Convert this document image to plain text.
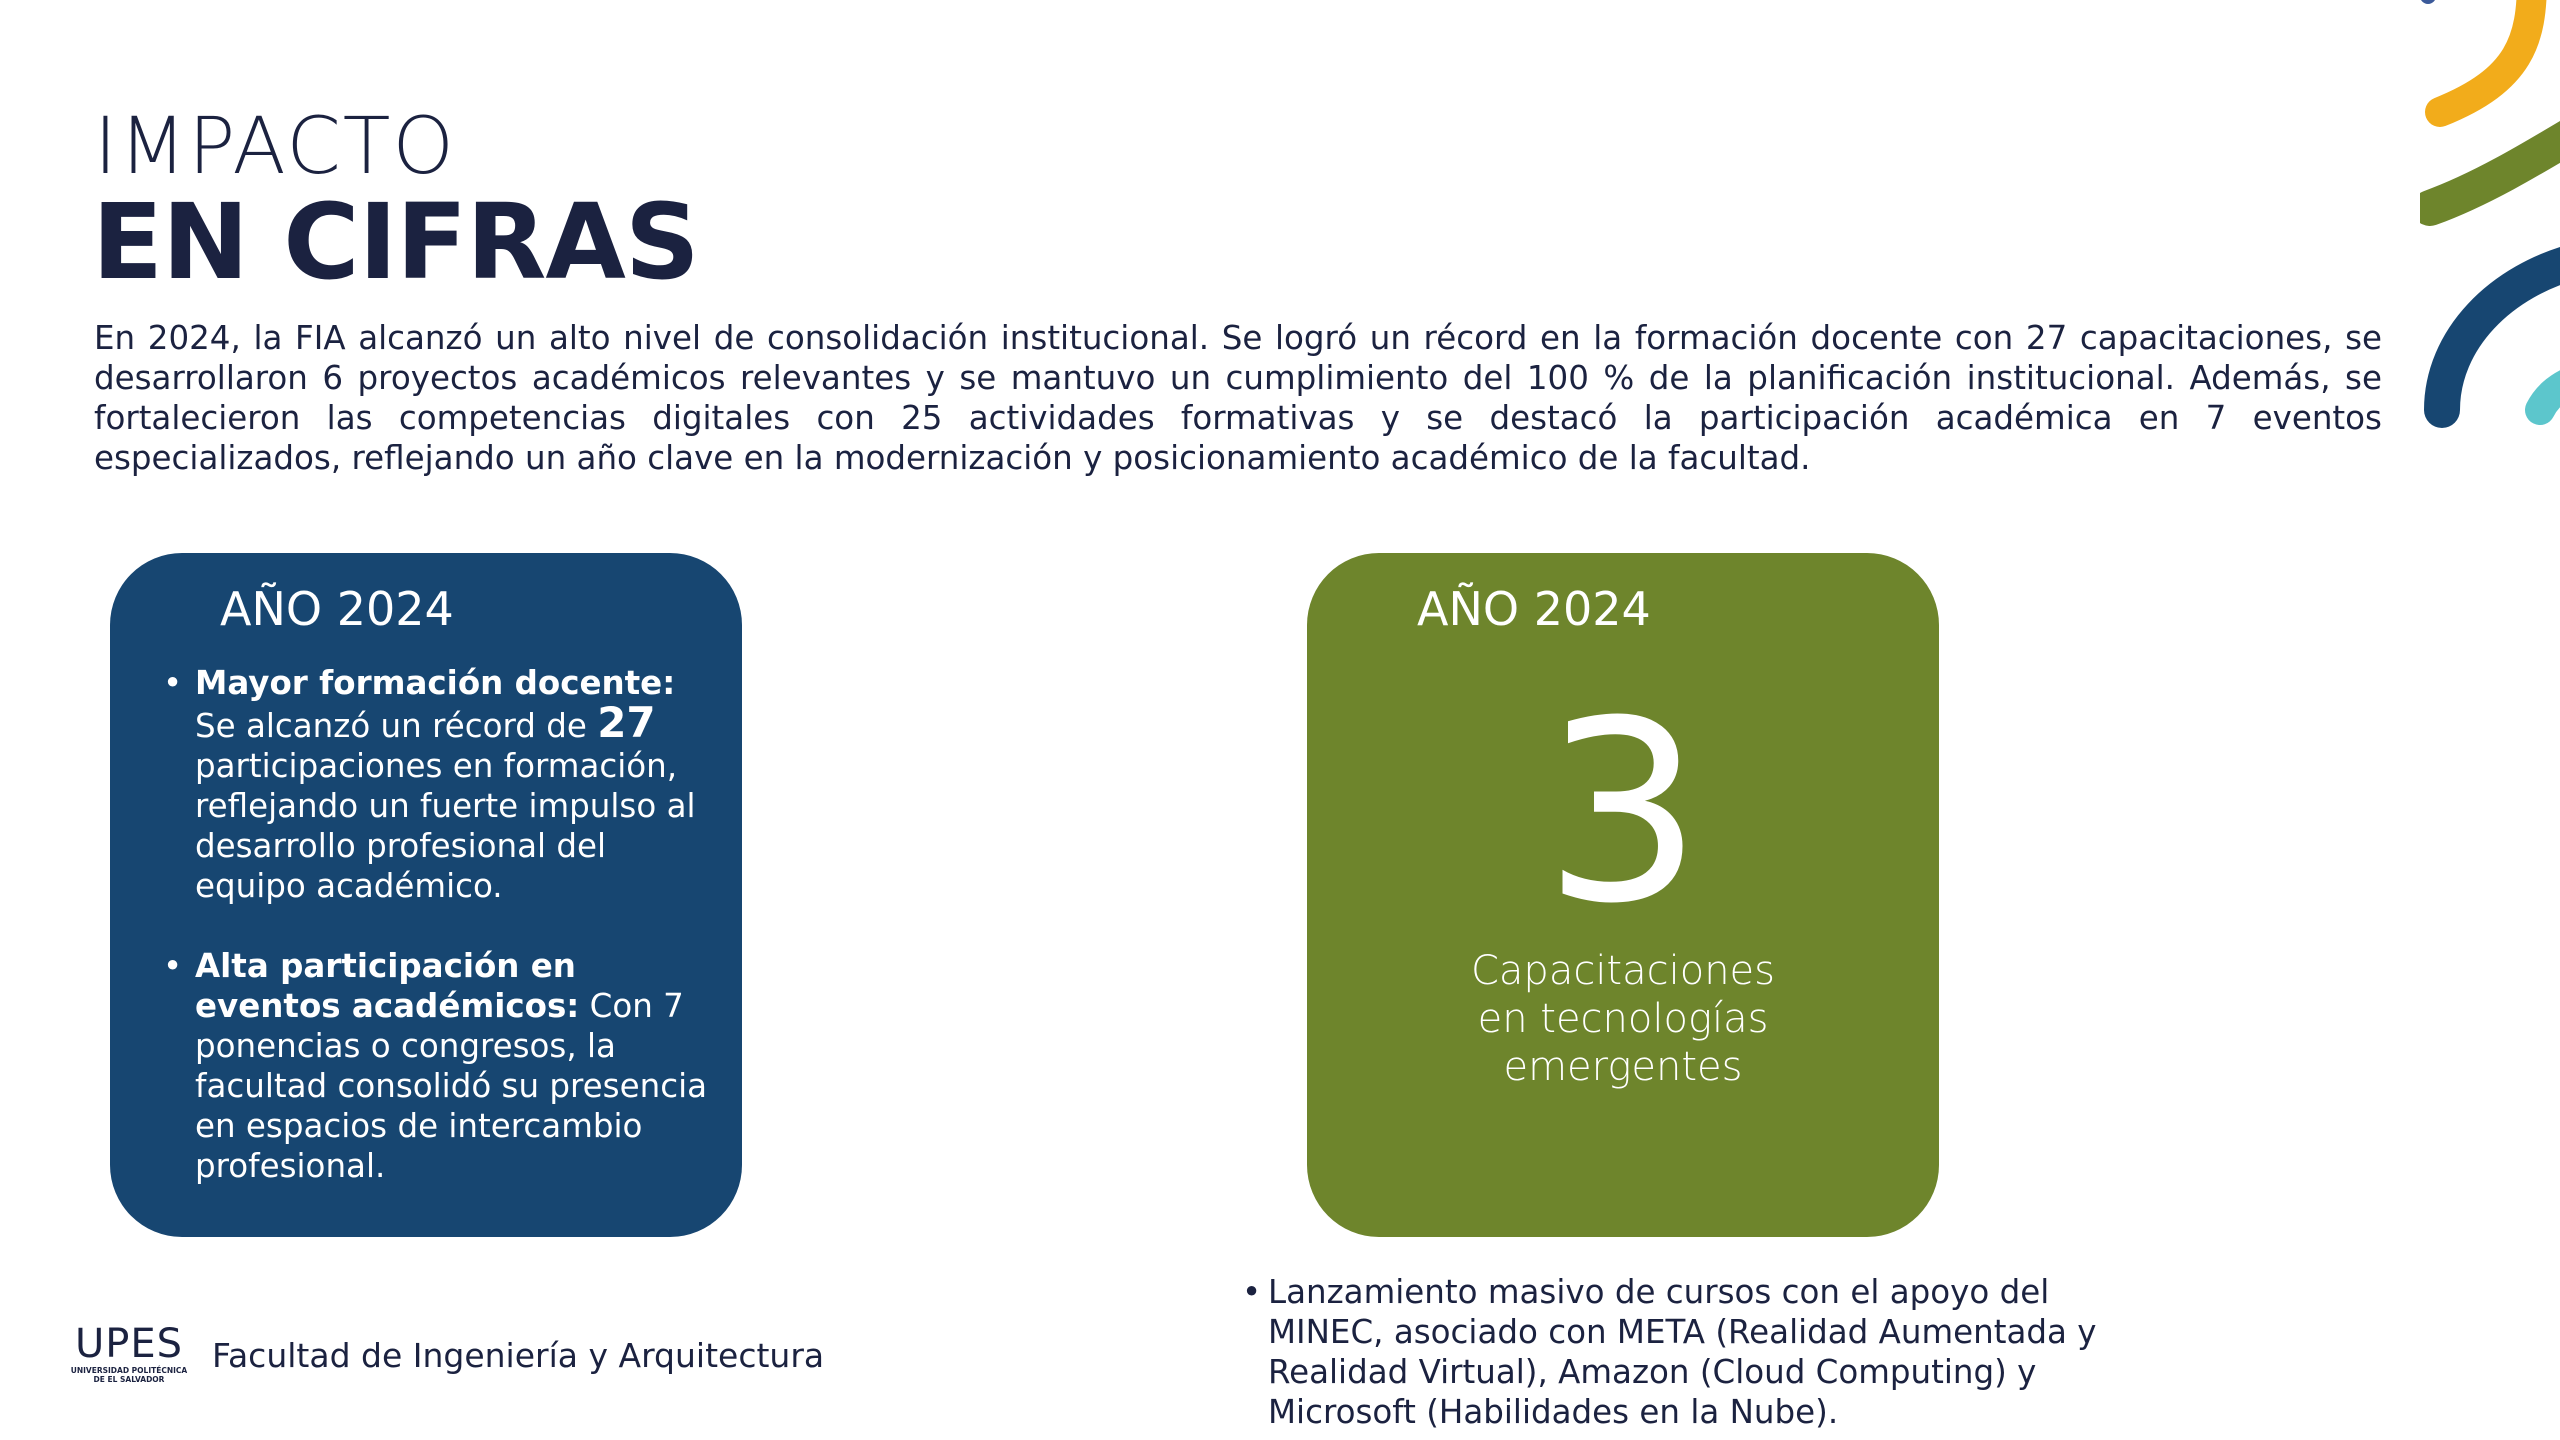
IMPACTO
EN CIFRAS

En 2024, la FIA alcanzó un alto nivel de consolidación institucional. Se logró un récord en la formación docente con 27 capacitaciones, se desarrollaron 6 proyectos académicos relevantes y se mantuvo un cumplimiento del 100 % de la planificación institucional. Además, se fortalecieron las competencias digitales con 25 actividades formativas y se destacó la participación académica en 7 eventos especializados, reflejando un año clave en la modernización y posicionamiento académico de la facultad.

AÑO 2024
• Mayor formación docente: Se alcanzó un récord de 27 participaciones en formación, reflejando un fuerte impulso al desarrollo profesional del equipo académico.
• Alta participación en eventos académicos: Con 7 ponencias o congresos, la facultad consolidó su presencia en espacios de intercambio profesional.
AÑO 2024
3
Capacitaciones
en tecnologías
emergentes
• Lanzamiento masivo de cursos con el apoyo del MINEC, asociado con META (Realidad Aumentada y Realidad Virtual), Amazon (Cloud Computing) y Microsoft (Habilidades en la Nube).
UPES
UNIVERSIDAD POLITÉCNICA
DE EL SALVADOR
Facultad de Ingeniería y Arquitectura
